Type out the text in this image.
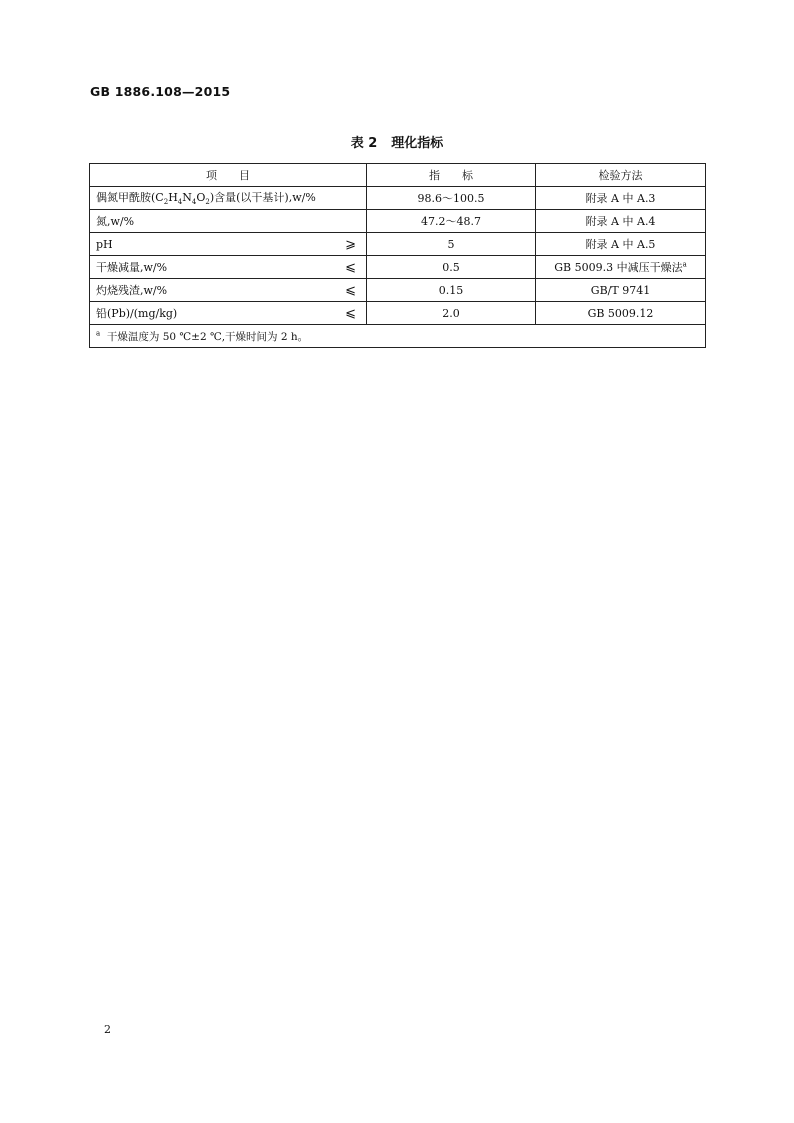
GB 1886.108—2015
表 2 理化指标
项　　目	指　　标	检验方法

偶氮甲酰胺$(C_2H_4N_4O_2)$含量(以干基计),w/%	98.6～100.5	附录 A 中 A.3

氮,w/%	47.2～48.7	附录 A 中 A.4

pH ⩾	5	附录 A 中 A.5

干燥减量,w/% ⩽	0.5	GB 5009.3 中减压干燥法$^a$

灼烧残渣,w/% ⩽	0.15	GB/T 9741

铅(Pb)/(mg/kg) ⩽	2.0	GB 5009.12
$^a$ 干燥温度为 50 ℃±2 ℃,干燥时间为 2 h。		
2
